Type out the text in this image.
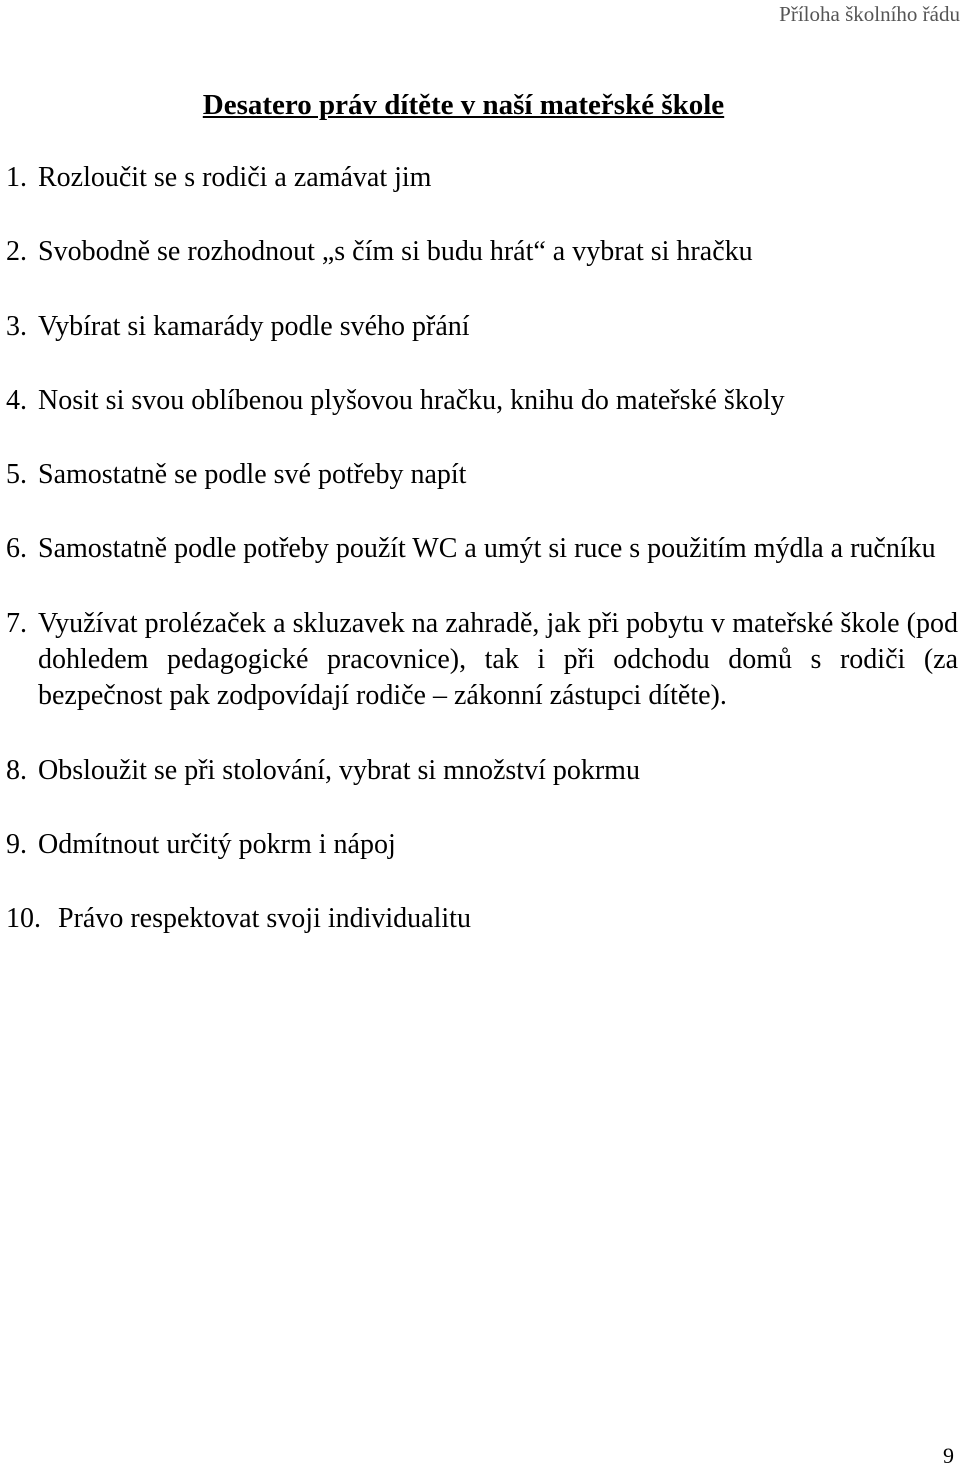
Příloha školního řádu
Desatero práv dítěte v naší mateřské škole
1. Rozloučit se s rodiči a zamávat jim
2. Svobodně se rozhodnout „s čím si budu hrát“ a vybrat si hračku
3. Vybírat si kamarády podle svého přání
4. Nosit si svou oblíbenou plyšovou hračku, knihu do mateřské školy
5. Samostatně se podle své potřeby napít
6. Samostatně podle potřeby použít WC a umýt si ruce s použitím mýdla a ručníku
7. Využívat prolézaček a skluzavek na zahradě, jak při pobytu v mateřské škole (pod dohledem pedagogické pracovnice), tak i při odchodu domů s rodiči (za bezpečnost pak zodpovídají rodiče – zákonní zástupci dítěte).
8. Obsloužit se při stolování, vybrat si množství pokrmu
9. Odmítnout určitý pokrm i nápoj
10. Právo respektovat svoji individualitu
9
